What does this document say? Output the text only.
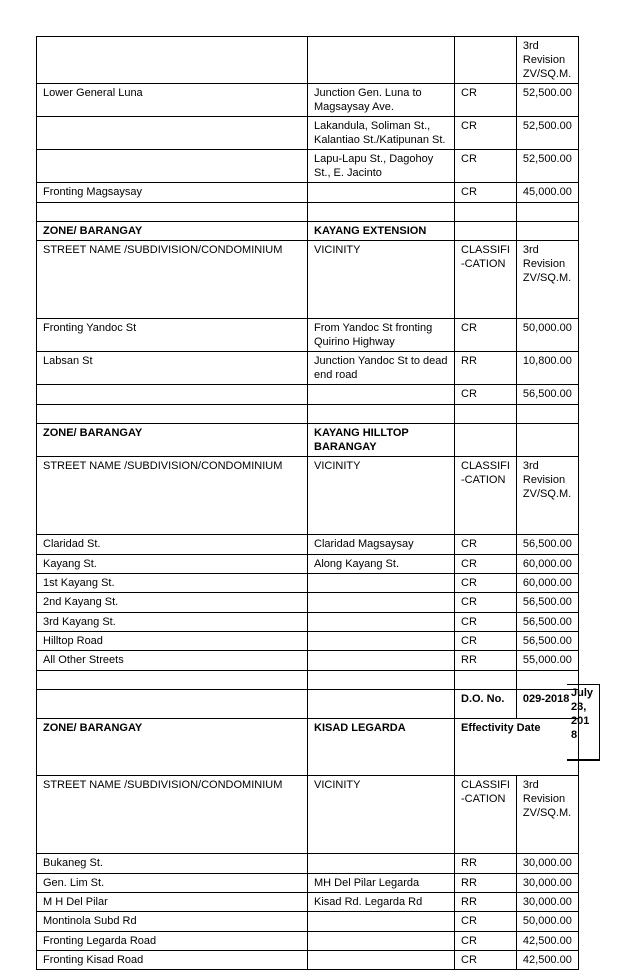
			3rd Revision ZV/SQ.M.
Lower General Luna	Junction Gen. Luna to Magsaysay Ave.	CR	52,500.00
	Lakandula, Soliman St., Kalantiao St./Katipunan St.	CR	52,500.00
	Lapu-Lapu St., Dagohoy St., E. Jacinto	CR	52,500.00
Fronting Magsaysay		CR	45,000.00

ZONE/ BARANGAY	KAYANG EXTENSION		
STREET NAME /SUBDIVISION/CONDOMINIUM	VICINITY	CLASSIFI -CATION	3rd Revision ZV/SQ.M.
Fronting Yandoc St	From Yandoc St fronting Quirino Highway	CR	50,000.00
Labsan St	Junction Yandoc St to dead end road	RR	10,800.00
		CR	56,500.00

ZONE/ BARANGAY	KAYANG HILLTOP BARANGAY		
STREET NAME /SUBDIVISION/CONDOMINIUM	VICINITY	CLASSIFI -CATION	3rd Revision ZV/SQ.M.
Claridad St.	Claridad Magsaysay	CR	56,500.00
Kayang St.	Along Kayang St.	CR	60,000.00
1st Kayang St.		CR	60,000.00
2nd Kayang St.		CR	56,500.00
3rd Kayang St.		CR	56,500.00
Hilltop Road		CR	56,500.00
All Other Streets		RR	55,000.00

		D.O. No.	029-2018
ZONE/ BARANGAY	KISAD LEGARDA	Effectivity Date	
STREET NAME /SUBDIVISION/CONDOMINIUM	VICINITY	CLASSIFI -CATION	3rd Revision ZV/SQ.M.
Bukaneg St.		RR	30,000.00
Gen. Lim St.	MH Del Pilar Legarda	RR	30,000.00
M H Del Pilar	Kisad Rd. Legarda Rd	RR	30,000.00
Montinola Subd Rd		CR	50,000.00
Fronting Legarda Road		CR	42,500.00
Fronting Kisad Road		CR	42,500.00
July 23, 2018
